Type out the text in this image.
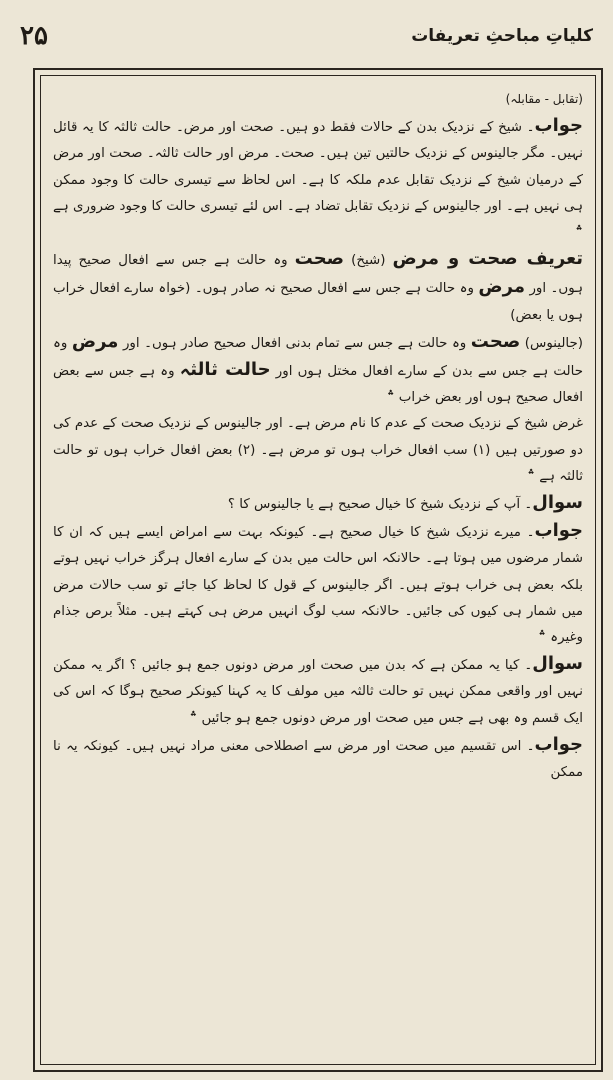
۲۵	کلیاتِ مباحثِ تعریفات

(تقابل - مقابلہ)

جواب۔ شیخ کے نزدیک بدن کے حالات فقط دو ہیں۔ صحت اور مرض۔ حالت ثالثہ کا یہ قائل نہیں۔ مگر جالینوس کے نزدیک حالتیں تین ہیں۔ صحت۔ مرض اور حالت ثالثہ۔ صحت اور مرض کے درمیان شیخ کے نزدیک تقابل عدم ملکہ کا ہے۔ اس لحاظ سے تیسری حالت کا وجود ممکن ہی نہیں ہے۔ اور جالینوس کے نزدیک تقابل تضاد ہے۔ اس لئے تیسری حالت کا وجود ضروری ہے ؞

تعریف صحت و مرض (شیخ) صحت وہ حالت ہے جس سے افعال صحیح پیدا ہوں۔ اور مرض وہ حالت ہے جس سے افعال صحیح نہ صادر ہوں۔ (خواہ سارے افعال خراب ہوں یا بعض)

(جالینوس) صحت وہ حالت ہے جس سے تمام بدنی افعال صحیح صادر ہوں۔ اور مرض وہ حالت ہے جس سے بدن کے سارے افعال مختل ہوں اور حالت ثالثہ وہ ہے جس سے بعض افعال صحیح ہوں اور بعض خراب ؞

غرض شیخ کے نزدیک صحت کے عدم کا نام مرض ہے۔ اور جالینوس کے نزدیک صحت کے عدم کی دو صورتیں ہیں (۱) سب افعال خراب ہوں تو مرض ہے۔ (۲) بعض افعال خراب ہوں تو حالت ثالثہ ہے ؞

سوال۔ آپ کے نزدیک شیخ کا خیال صحیح ہے یا جالینوس کا ؟

جواب۔ میرے نزدیک شیخ کا خیال صحیح ہے۔ کیونکہ بہت سے امراض ایسے ہیں کہ ان کا شمار مرضوں میں ہوتا ہے۔ حالانکہ اس حالت میں بدن کے سارے افعال ہرگز خراب نہیں ہوتے بلکہ بعض ہی خراب ہوتے ہیں۔ اگر جالینوس کے قول کا لحاظ کیا جائے تو سب حالات مرض میں شمار ہی کیوں کی جائیں۔ حالانکہ سب لوگ انہیں مرض ہی کہتے ہیں۔ مثلاً برص جذام وغیرہ ؞

سوال۔ کیا یہ ممکن ہے کہ بدن میں صحت اور مرض دونوں جمع ہو جائیں ؟ اگر یہ ممکن نہیں اور واقعی ممکن نہیں تو حالت ثالثہ میں مولف کا یہ کہنا کیونکر صحیح ہوگا کہ اس کی ایک قسم وہ بھی ہے جس میں صحت اور مرض دونوں جمع ہو جائیں ؞

جواب۔ اس تقسیم میں صحت اور مرض سے اصطلاحی معنی مراد نہیں ہیں۔ کیونکہ یہ نا ممکن
